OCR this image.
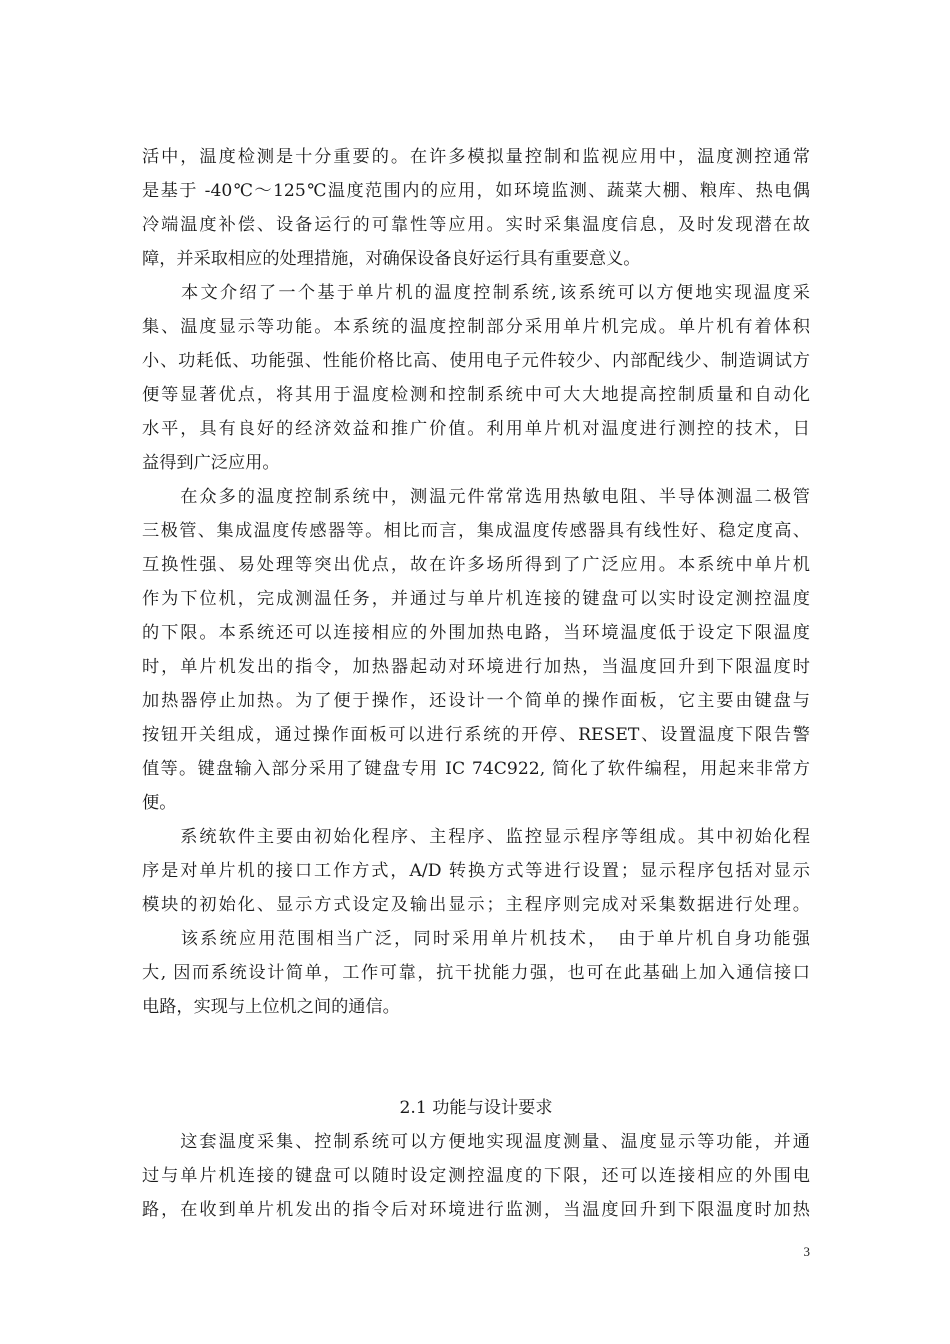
活中，温度检测是十分重要的。在许多模拟量控制和监视应用中，温度测控通常
是基于 -40℃～125℃温度范围内的应用，如环境监测、蔬菜大棚、粮库、热电偶
冷端温度补偿、设备运行的可靠性等应用。实时采集温度信息，及时发现潜在故
障，并采取相应的处理措施，对确保设备良好运行具有重要意义。
　　本文介绍了一个基于单片机的温度控制系统,该系统可以方便地实现温度采
集、温度显示等功能。本系统的温度控制部分采用单片机完成。单片机有着体积
小、功耗低、功能强、性能价格比高、使用电子元件较少、内部配线少、制造调试方
便等显著优点，将其用于温度检测和控制系统中可大大地提高控制质量和自动化
水平，具有良好的经济效益和推广价值。利用单片机对温度进行测控的技术，日
益得到广泛应用。
　　在众多的温度控制系统中，测温元件常常选用热敏电阻、半导体测温二极管
三极管、集成温度传感器等。相比而言，集成温度传感器具有线性好、稳定度高、
互换性强、易处理等突出优点，故在许多场所得到了广泛应用。本系统中单片机
作为下位机，完成测温任务，并通过与单片机连接的键盘可以实时设定测控温度
的下限。本系统还可以连接相应的外围加热电路，当环境温度低于设定下限温度
时，单片机发出的指令，加热器起动对环境进行加热，当温度回升到下限温度时
加热器停止加热。为了便于操作，还设计一个简单的操作面板，它主要由键盘与
按钮开关组成，通过操作面板可以进行系统的开停、RESET、设置温度下限告警
值等。键盘输入部分采用了键盘专用 IC 74C922, 简化了软件编程，用起来非常方
便。
　　系统软件主要由初始化程序、主程序、监控显示程序等组成。其中初始化程
序是对单片机的接口工作方式，A/D 转换方式等进行设置；显示程序包括对显示
模块的初始化、显示方式设定及输出显示；主程序则完成对采集数据进行处理。
　　该系统应用范围相当广泛，同时采用单片机技术，　由于单片机自身功能强
大, 因而系统设计简单，工作可靠，抗干扰能力强，也可在此基础上加入通信接口
电路，实现与上位机之间的通信。
2.1 功能与设计要求
　　这套温度采集、控制系统可以方便地实现温度测量、温度显示等功能，并通
过与单片机连接的键盘可以随时设定测控温度的下限，还可以连接相应的外围电
路，在收到单片机发出的指令后对环境进行监测，当温度回升到下限温度时加热
3
